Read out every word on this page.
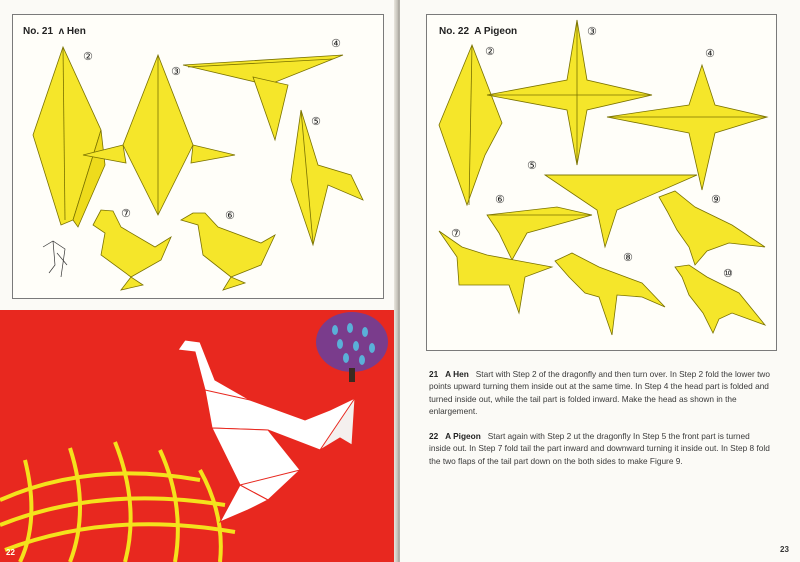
No. 21  ʌ Hen
②
③
④
⑤
⑥
⑦
22
No. 22  A Pigeon
②
③
④
⑤
⑥
⑦
⑧
⑨
⑩
21 A Hen Start with Step 2 of the dragonfly and then turn over. In Step 2 fold the lower two points upward turning them inside out at the same time. In Step 4 the head part is folded and turned inside out, while the tail part is folded inward. Make the head as shown in the enlargement.
22 A Pigeon Start again with Step 2 ut the dragonfly In Step 5 the front part is turned inside out. In Step 7 fold tail the part inward and downward turning it inside out. In Step 8 fold the two flaps of the tail part down on the both sides to make Figure 9.
23
